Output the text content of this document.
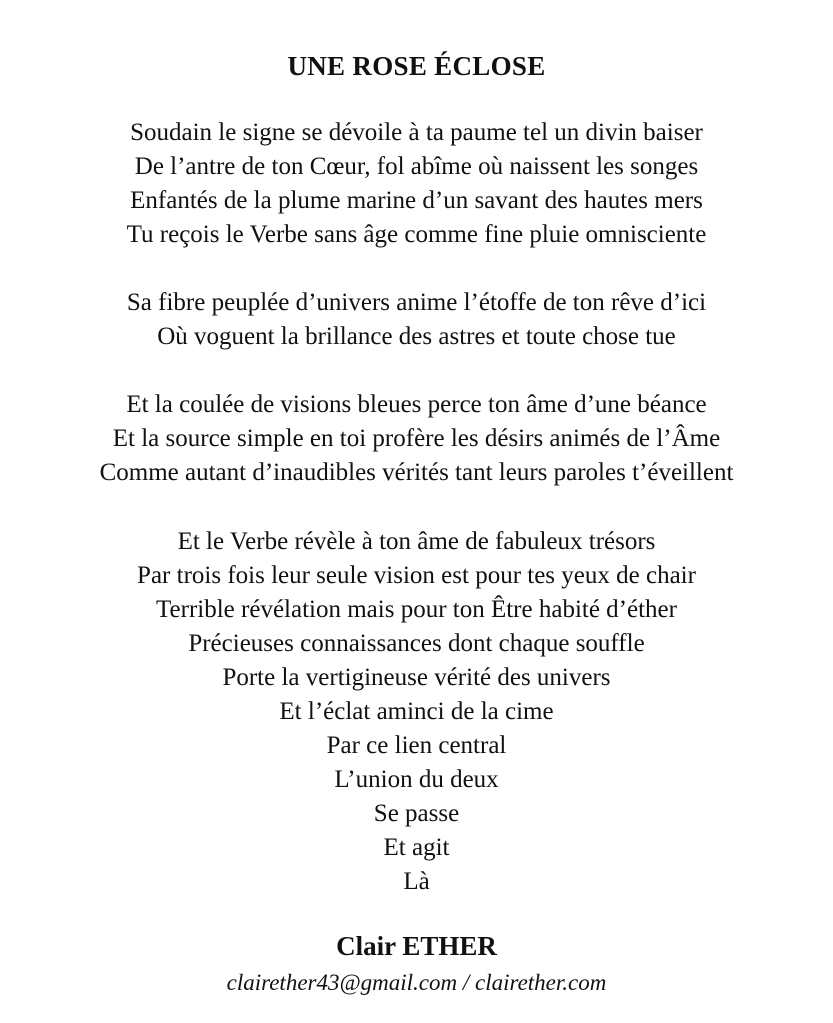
UNE ROSE ÉCLOSE
Soudain le signe se dévoile à ta paume tel un divin baiser
De l’antre de ton Cœur, fol abîme où naissent les songes
Enfantés de la plume marine d’un savant des hautes mers
Tu reçois le Verbe sans âge comme fine pluie omnisciente
Sa fibre peuplée d’univers anime l’étoffe de ton rêve d’ici
Où voguent la brillance des astres et toute chose tue
Et la coulée de visions bleues perce ton âme d’une béance
Et la source simple en toi profère les désirs animés de l’Âme
Comme autant d’inaudibles vérités tant leurs paroles t’éveillent
Et le Verbe révèle à ton âme de fabuleux trésors
Par trois fois leur seule vision est pour tes yeux de chair
Terrible révélation mais pour ton Être habité d’éther
Précieuses connaissances dont chaque souffle
Porte la vertigineuse vérité des univers
Et l’éclat aminci de la cime
Par ce lien central
L’union du deux
Se passe
Et agit
Là

Clair ETHER

clairether43@gmail.com / clairether.com
